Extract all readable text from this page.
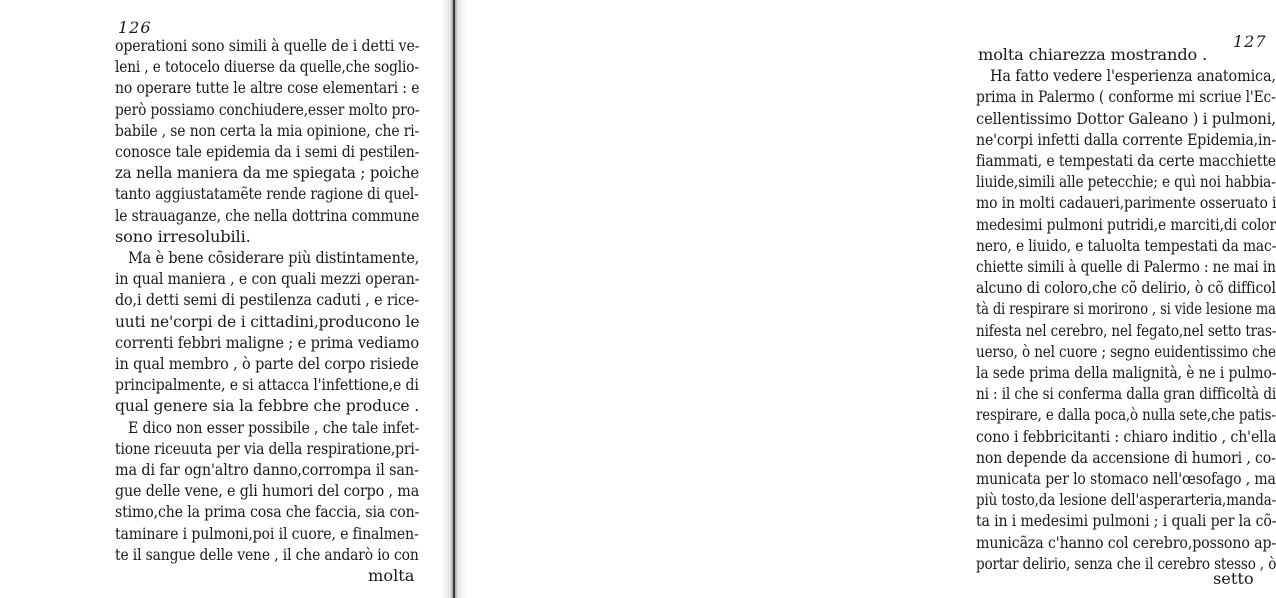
126
operationi sono simili à quelle de i detti ve-
leni , e totocelo diuerse da quelle,che soglio-
no operare tutte le altre cose elementari : e
però possiamo conchiudere,esser molto pro-
babile , se non certa la mia opinione, che ri-
conosce tale epidemia da i semi di pestilen-
za nella maniera da me spiegata ; poiche
tanto aggiustatamẽte rende ragione di quel-
le strauaganze, che nella dottrina commune
sono irresolubili.
Ma è bene cõsiderare più distintamente,
in qual maniera , e con quali mezzi operan-
do,i detti semi di pestilenza caduti , e rice-
uuti ne'corpi de i cittadini,producono le
correnti febbri maligne ; e prima vediamo
in qual membro , ò parte del corpo risiede
principalmente, e si attacca l'infettione,e di
qual genere sia la febbre che produce .
E dico non esser possibile , che tale infet-
tione riceuuta per via della respiratione,pri-
ma di far ogn'altro danno,corrompa il san-
gue delle vene, e gli humori del corpo , ma
stimo,che la prima cosa che faccia, sia con-
taminare i pulmoni,poi il cuore, e finalmen-
te il sangue delle vene , il che andarò io con
molta
127
molta chiarezza mostrando .
Ha fatto vedere l'esperienza anatomica,
prima in Palermo ( conforme mi scriue l'Ec-
cellentissimo Dottor Galeano ) i pulmoni,
ne'corpi infetti dalla corrente Epidemia,in-
fiammati, e tempestati da certe macchiette
liuide,simili alle petecchie; e quì noi habbia-
mo in molti cadaueri,parimente osseruato i
medesimi pulmoni putridi,e marciti,di color
nero, e liuido, e taluolta tempestati da mac-
chiette simili à quelle di Palermo : ne mai in
alcuno di coloro,che cõ delirio, ò cõ difficol
tà di respirare si morirono , si vide lesione ma
nifesta nel cerebro, nel fegato,nel setto tras-
uerso, ò nel cuore ; segno euidentissimo che
la sede prima della malignità, è ne i pulmo-
ni : il che si conferma dalla gran difficoltà di
respirare, e dalla poca,ò nulla sete,che patis-
cono i febbricitanti : chiaro inditio , ch'ella
non depende da accensione di humori , co-
municata per lo stomaco nell'œsofago , ma
più tosto,da lesione dell'asperarteria,manda-
ta in i medesimi pulmoni ; i quali per la cõ-
municãza c'hanno col cerebro,possono ap-
portar delirio, senza che il cerebro stesso , ò
setto
